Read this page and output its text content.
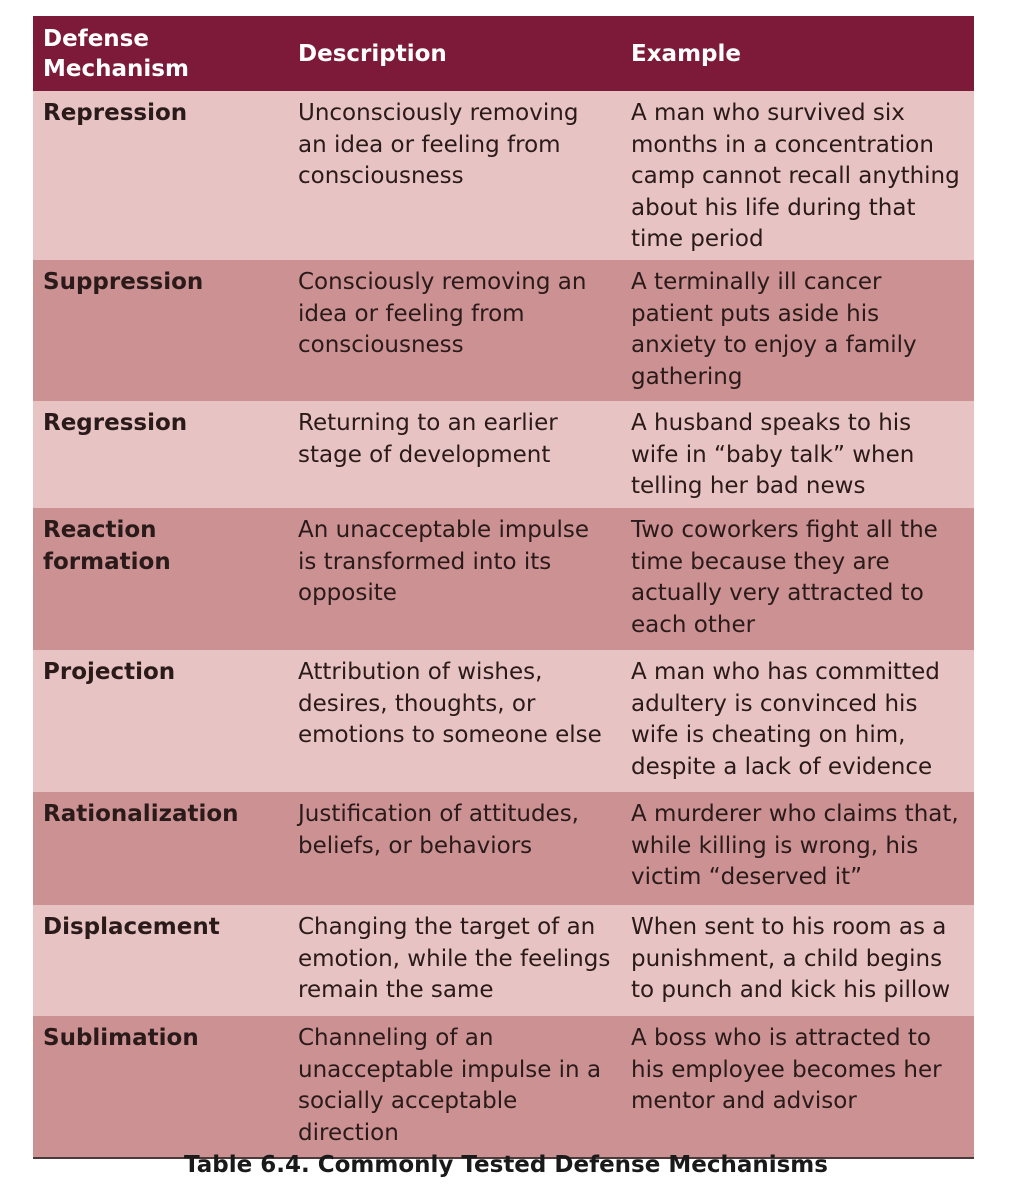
Defense Mechanism	Description	Example
Repression	Unconsciously removing an idea or feeling from consciousness	A man who survived six months in a concentration camp cannot recall anything about his life during that time period
Suppression	Consciously removing an idea or feeling from consciousness	A terminally ill cancer patient puts aside his anxiety to enjoy a family gathering
Regression	Returning to an earlier stage of development	A husband speaks to his wife in “baby talk” when telling her bad news
Reaction formation	An unacceptable impulse is transformed into its opposite	Two coworkers fight all the time because they are actually very attracted to each other
Projection	Attribution of wishes, desires, thoughts, or emotions to someone else	A man who has committed adultery is convinced his wife is cheating on him, despite a lack of evidence
Rationalization	Justification of attitudes, beliefs, or behaviors	A murderer who claims that, while killing is wrong, his victim “deserved it”
Displacement	Changing the target of an emotion, while the feelings remain the same	When sent to his room as a punishment, a child begins to punch and kick his pillow
Sublimation	Channeling of an unacceptable impulse in a socially acceptable direction	A boss who is attracted to his employee becomes her mentor and advisor
Table 6.4. Commonly Tested Defense Mechanisms
